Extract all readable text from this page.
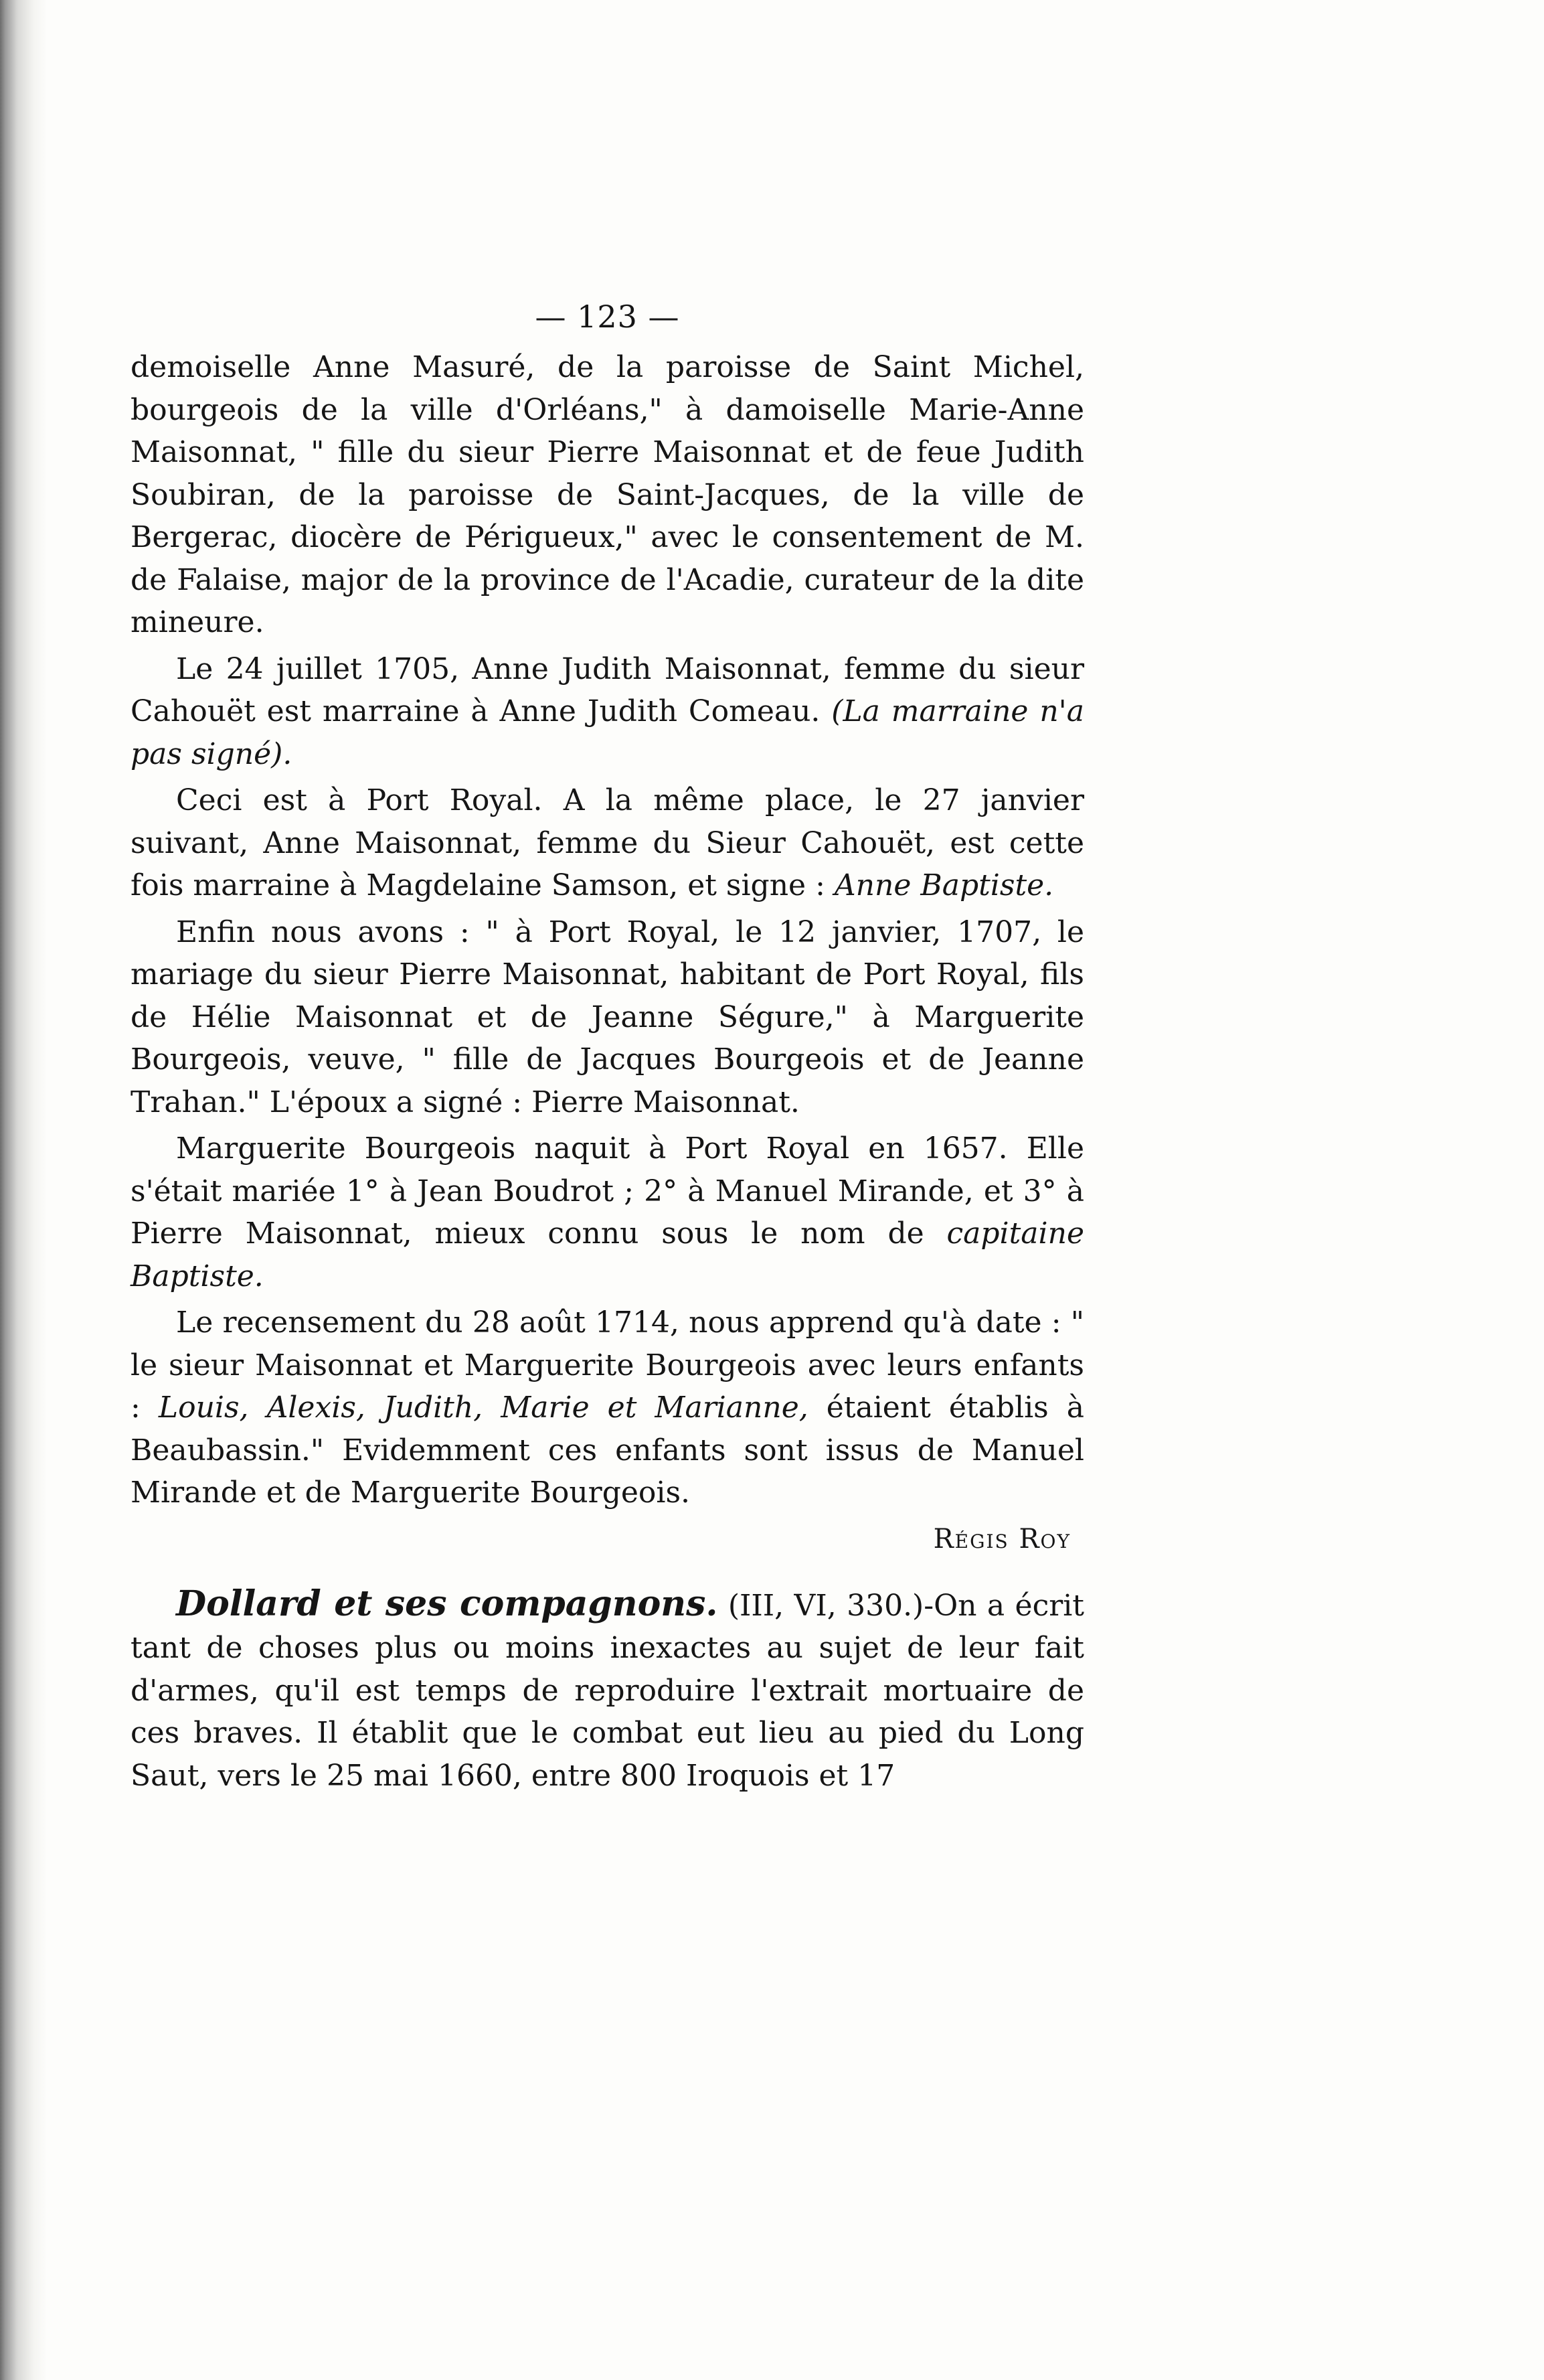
— 123 —

demoiselle Anne Masuré, de la paroisse de Saint Michel, bourgeois de la ville d'Orléans," à damoiselle Marie-Anne Maisonnat, " fille du sieur Pierre Maisonnat et de feue Judith Soubiran, de la paroisse de Saint-Jacques, de la ville de Bergerac, diocère de Périgueux," avec le consentement de M. de Falaise, major de la province de l'Acadie, curateur de la dite mineure.

Le 24 juillet 1705, Anne Judith Maisonnat, femme du sieur Cahouët est marraine à Anne Judith Comeau. (La marraine n'a pas signé).

Ceci est à Port Royal. A la même place, le 27 janvier suivant, Anne Maisonnat, femme du Sieur Cahouët, est cette fois marraine à Magdelaine Samson, et signe : Anne Baptiste.

Enfin nous avons : " à Port Royal, le 12 janvier, 1707, le mariage du sieur Pierre Maisonnat, habitant de Port Royal, fils de Hélie Maisonnat et de Jeanne Ségure," à Marguerite Bourgeois, veuve, " fille de Jacques Bourgeois et de Jeanne Trahan." L'époux a signé : Pierre Maisonnat.

Marguerite Bourgeois naquit à Port Royal en 1657. Elle s'était mariée 1° à Jean Boudrot ; 2° à Manuel Mirande, et 3° à Pierre Maisonnat, mieux connu sous le nom de capitaine Baptiste.

Le recensement du 28 août 1714, nous apprend qu'à date : " le sieur Maisonnat et Marguerite Bourgeois avec leurs enfants : Louis, Alexis, Judith, Marie et Marianne, étaient établis à Beaubassin." Evidemment ces enfants sont issus de Manuel Mirande et de Marguerite Bourgeois.

Régis Roy

Dollard et ses compagnons. (III, VI, 330.)-On a écrit tant de choses plus ou moins inexactes au sujet de leur fait d'armes, qu'il est temps de reproduire l'extrait mortuaire de ces braves. Il établit que le combat eut lieu au pied du Long Saut, vers le 25 mai 1660, entre 800 Iroquois et 17
